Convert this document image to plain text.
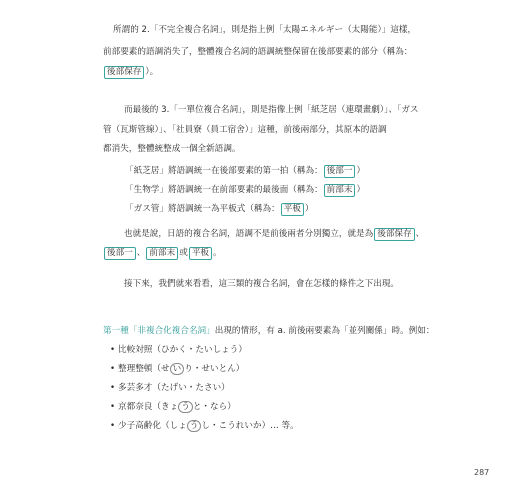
所謂的 2.「不完全複合名詞」，則是指上例「太陽エネルギー（太陽能）」這樣，
前部要素的語調消失了，整體複合名詞的語調統整保留在後部要素的部分（稱為：
後部保存 ）。
而最後的 3.「一單位複合名詞」，則是指像上例「紙芝居（連環畫劇）」、「ガス
管（瓦斯管線）」、「社員寮（員工宿舍）」這種，前後兩部分，其原本的語調
都消失，整體統整成一個全新語調。
「紙芝居」將語調統一在後部要素的第一拍（稱為： 後部一 ）
「生物学」將語調統一在前部要素的最後面（稱為： 前部末 ）
「ガス管」將語調統一為平板式（稱為： 平板 ）
也就是說，日語的複合名詞，語調不是前後兩者分別獨立，就是為 後部保存 、
後部一 、 前部末 或 平板 。
接下來，我們就來看看，這三類的複合名詞，會在怎樣的條件之下出現。
第一種「非複合化複合名詞」出現的情形，有 a. 前後兩要素為「並列關係」時。例如：
• 比較対照（ひかく・たいしょう）
• 整理整頓（せ い り・せいとん）
• 多芸多才（たげい・たさい）
• 京都奈良（きょ う と・なら）
• 少子高齢化（しょ う し・こうれいか）… 等。
287
